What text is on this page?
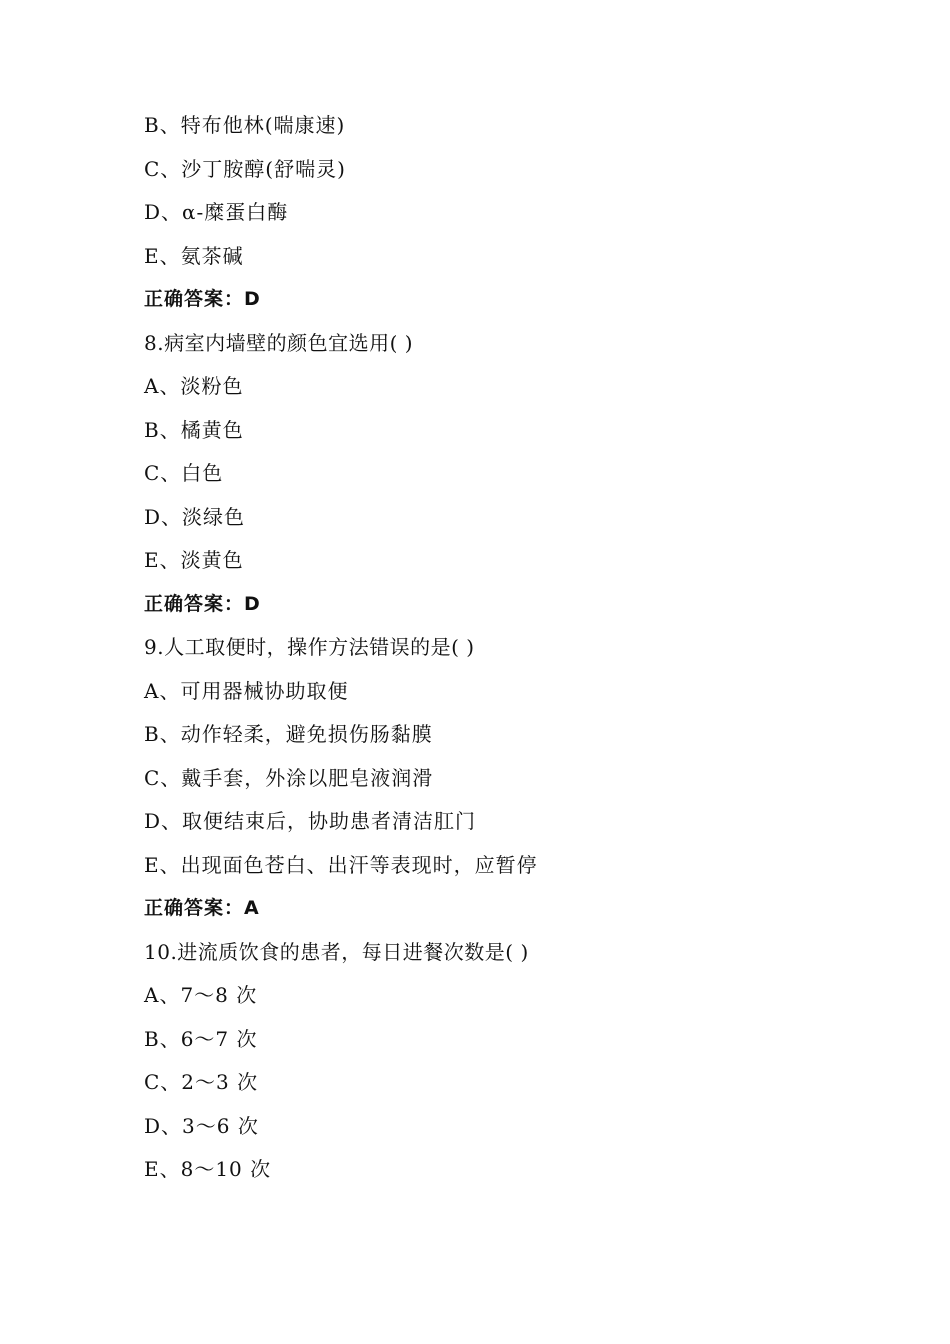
B、特布他林(喘康速)
C、沙丁胺醇(舒喘灵)
D、α-糜蛋白酶
E、氨茶碱
正确答案：D
8.病室内墙壁的颜色宜选用( )
A、淡粉色
B、橘黄色
C、白色
D、淡绿色
E、淡黄色
正确答案：D
9.人工取便时，操作方法错误的是( )
A、可用器械协助取便
B、动作轻柔，避免损伤肠黏膜
C、戴手套，外涂以肥皂液润滑
D、取便结束后，协助患者清洁肛门
E、出现面色苍白、出汗等表现时，应暂停
正确答案：A
10.进流质饮食的患者，每日进餐次数是( )
A、7～8 次
B、6～7 次
C、2～3 次
D、3～6 次
E、8～10 次
